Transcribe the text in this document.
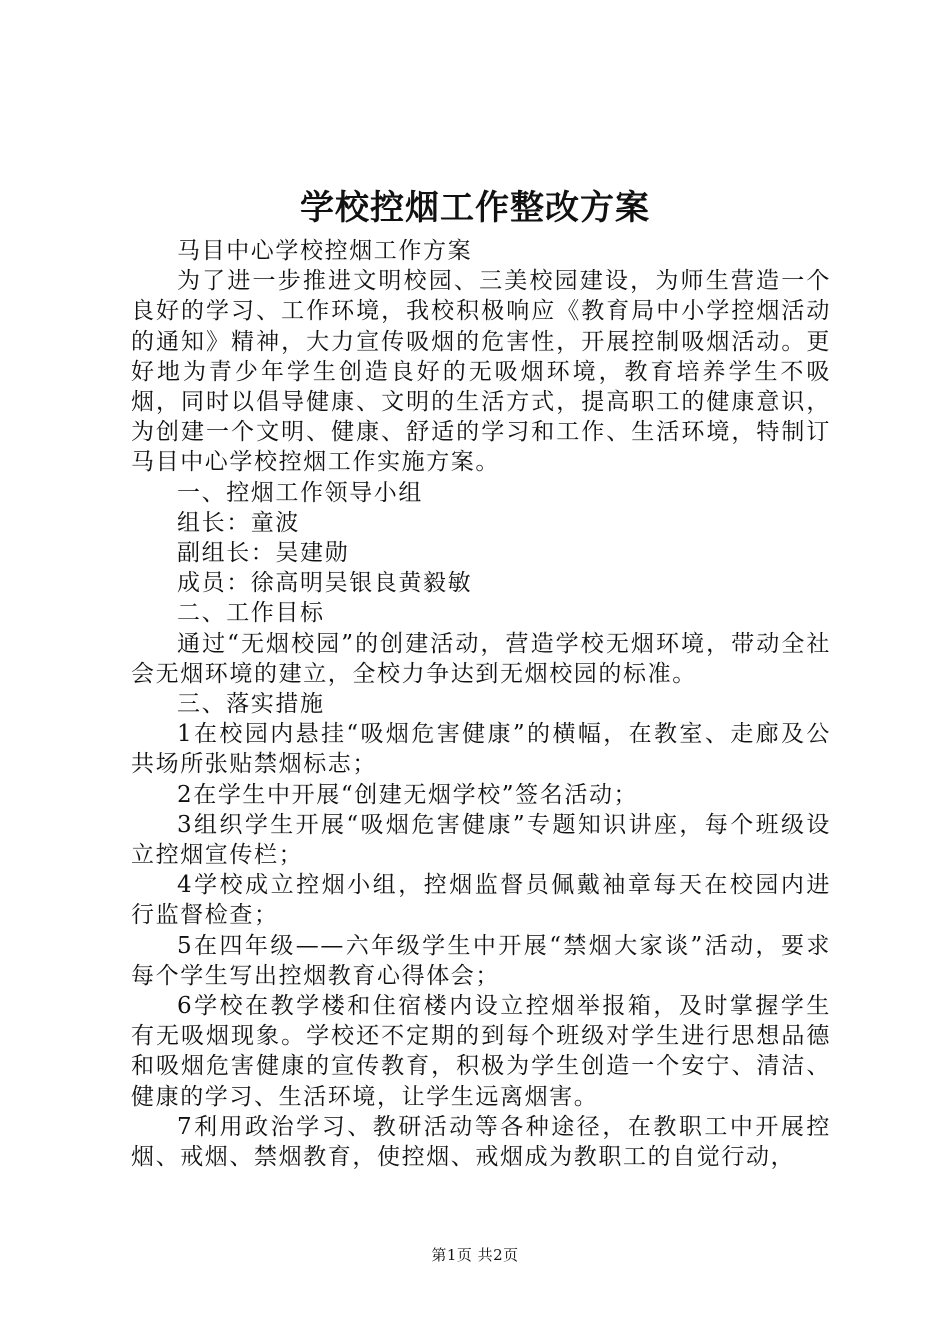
学校控烟工作整改方案

马目中心学校控烟工作方案

为了进一步推进文明校园、三美校园建设，为师生营造一个良好的学习、工作环境，我校积极响应《教育局中小学控烟活动的通知》精神，大力宣传吸烟的危害性，开展控制吸烟活动。更好地为青少年学生创造良好的无吸烟环境，教育培养学生不吸烟，同时以倡导健康、文明的生活方式，提高职工的健康意识，为创建一个文明、健康、舒适的学习和工作、生活环境，特制订马目中心学校控烟工作实施方案。

一、控烟工作领导小组

组长：童波

副组长：吴建勋

成员：徐高明吴银良黄毅敏

二、工作目标

通过“无烟校园”的创建活动，营造学校无烟环境，带动全社会无烟环境的建立，全校力争达到无烟校园的标准。

三、落实措施

1在校园内悬挂“吸烟危害健康”的横幅，在教室、走廊及公共场所张贴禁烟标志；

2在学生中开展“创建无烟学校”签名活动；

3组织学生开展“吸烟危害健康”专题知识讲座，每个班级设立控烟宣传栏；

4学校成立控烟小组，控烟监督员佩戴袖章每天在校园内进行监督检查；

5在四年级——六年级学生中开展“禁烟大家谈”活动，要求每个学生写出控烟教育心得体会；

6学校在教学楼和住宿楼内设立控烟举报箱，及时掌握学生有无吸烟现象。学校还不定期的到每个班级对学生进行思想品德和吸烟危害健康的宣传教育，积极为学生创造一个安宁、清洁、健康的学习、生活环境，让学生远离烟害。

7利用政治学习、教研活动等各种途径，在教职工中开展控烟、戒烟、禁烟教育，使控烟、戒烟成为教职工的自觉行动，

第1页 共2页
